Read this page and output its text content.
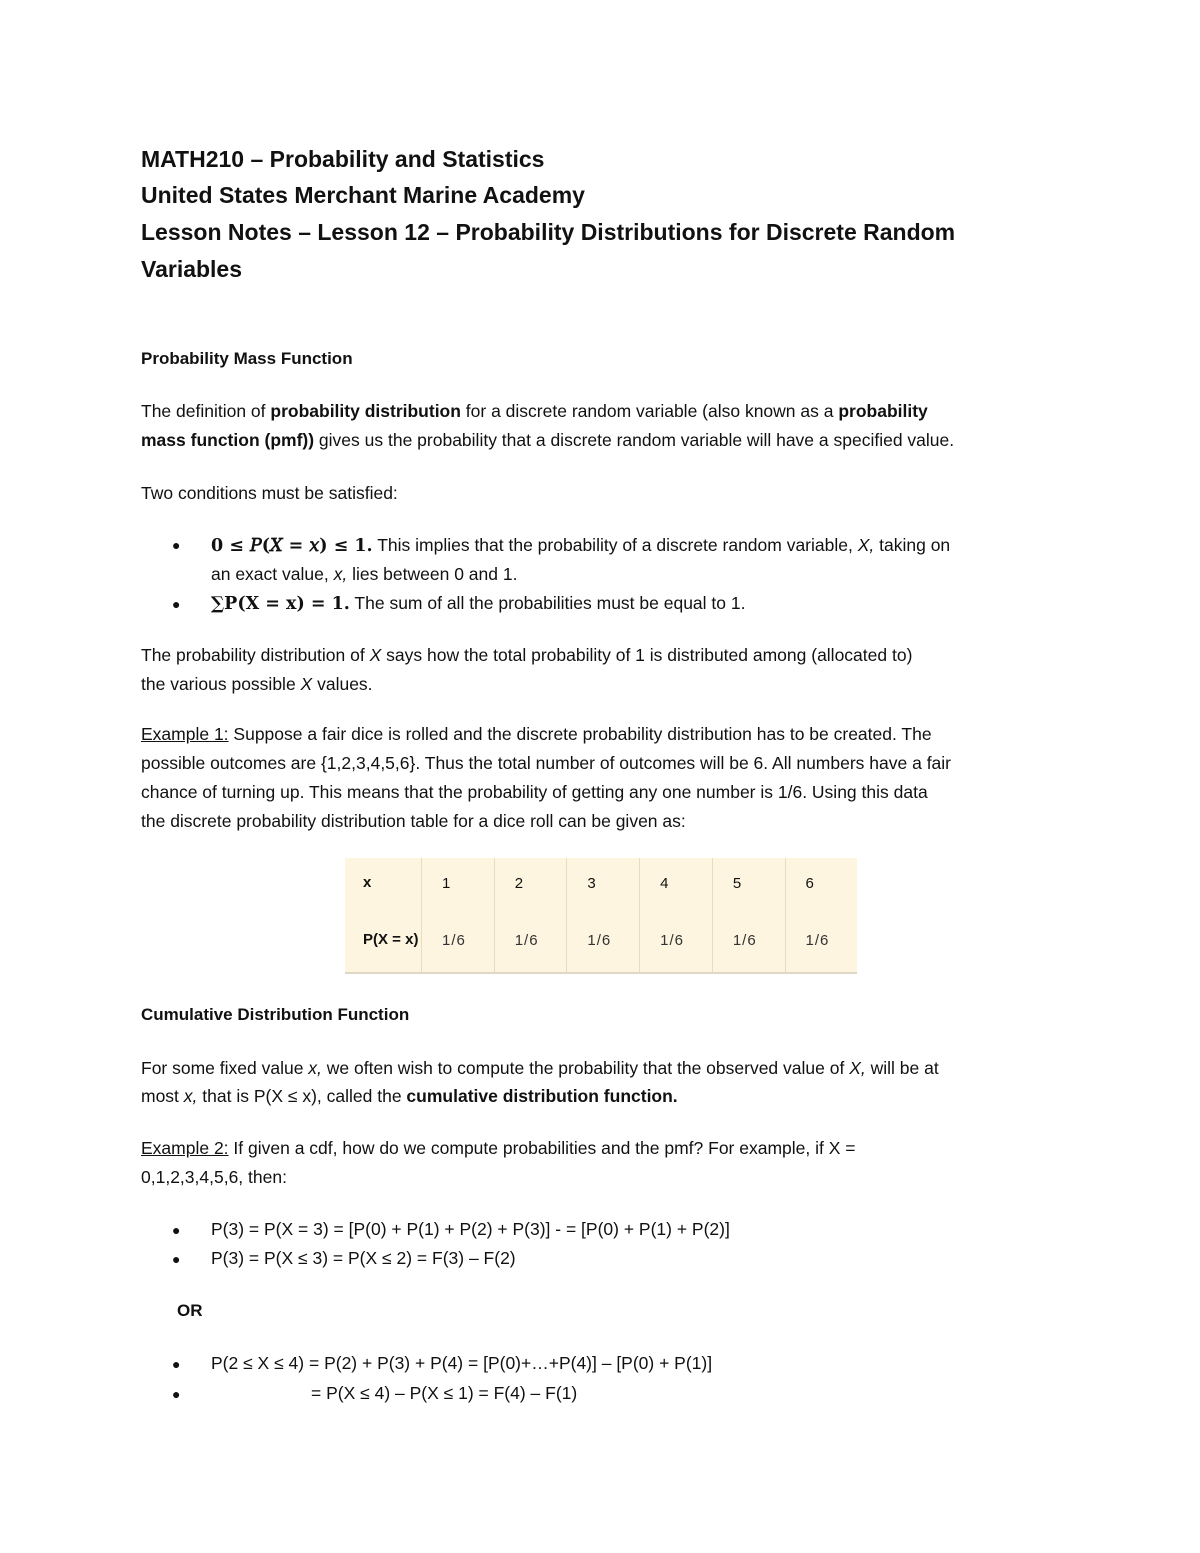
MATH210 – Probability and Statistics
United States Merchant Marine Academy
Lesson Notes – Lesson 12 – Probability Distributions for Discrete Random
Variables
Probability Mass Function
The definition of probability distribution for a discrete random variable (also known as a probability
mass function (pmf)) gives us the probability that a discrete random variable will have a specified value.
Two conditions must be satisfied:
●
0 ≤ 𝑃(𝑋 = 𝑥) ≤ 𝟏. This implies that the probability of a discrete random variable, X, taking on
an exact value, x, lies between 0 and 1.
●
∑P(X = x) = 𝟏. The sum of all the probabilities must be equal to 1.
The probability distribution of X says how the total probability of 1 is distributed among (allocated to)
the various possible X values.
Example 1: Suppose a fair dice is rolled and the discrete probability distribution has to be created. The
possible outcomes are {1,2,3,4,5,6}. Thus the total number of outcomes will be 6. All numbers have a fair
chance of turning up. This means that the probability of getting any one number is 1/6. Using this data
the discrete probability distribution table for a dice roll can be given as:
x	1	2	3	4	5	6
P(X = x)	1/6	1/6	1/6	1/6	1/6	1/6
Cumulative Distribution Function
For some fixed value x, we often wish to compute the probability that the observed value of X, will be at
most x, that is P(X ≤ x), called the cumulative distribution function.
Example 2: If given a cdf, how do we compute probabilities and the pmf? For example, if X =
0,1,2,3,4,5,6, then:
●
P(3) = P(X = 3) = [P(0) + P(1) + P(2) + P(3)] - = [P(0) + P(1) + P(2)]
●
P(3) = P(X ≤ 3) = P(X ≤ 2) = F(3) – F(2)
OR
●
P(2 ≤ X ≤ 4) = P(2) + P(3) + P(4) = [P(0)+…+P(4)] – [P(0) + P(1)]
●
= P(X ≤ 4) – P(X ≤ 1) = F(4) – F(1)
